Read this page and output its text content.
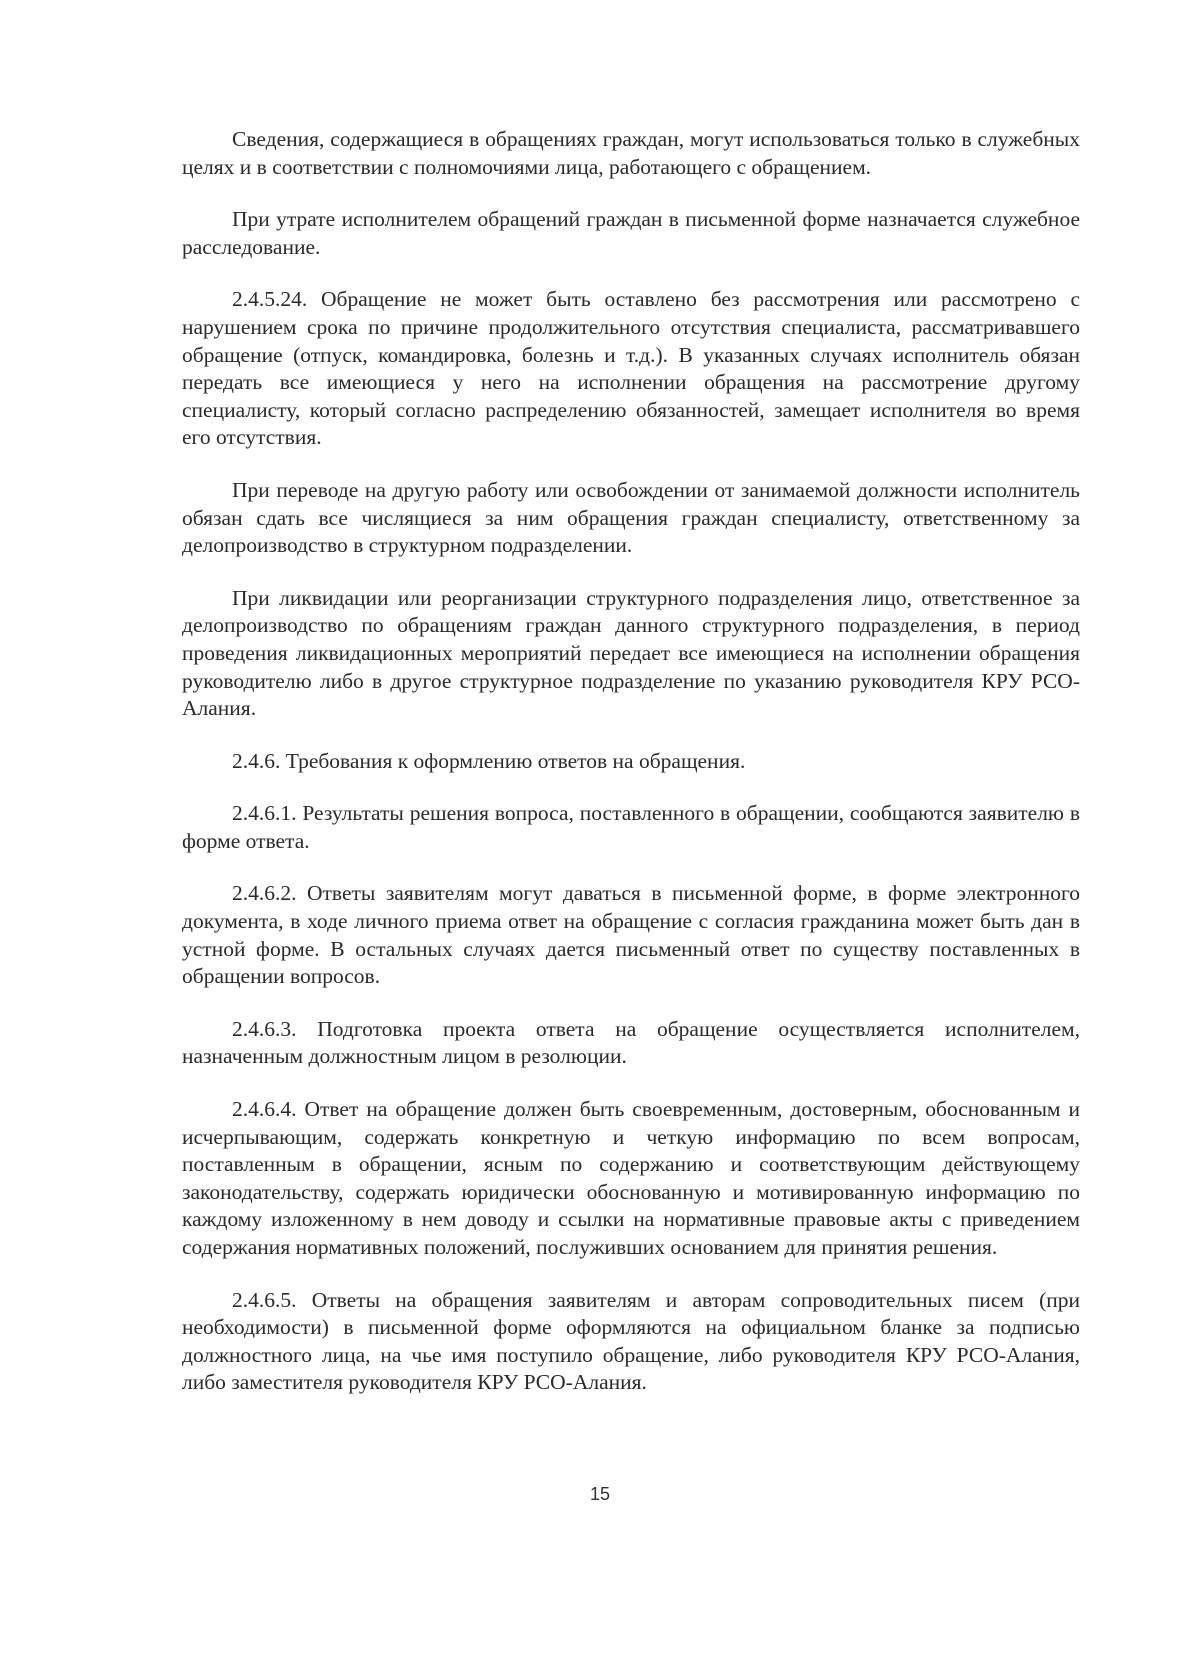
Сведения, содержащиеся в обращениях граждан, могут использоваться только в служебных целях и в соответствии с полномочиями лица, работающего с обращением.

При утрате исполнителем обращений граждан в письменной форме назначается служебное расследование.

2.4.5.24. Обращение не может быть оставлено без рассмотрения или рассмотрено с нарушением срока по причине продолжительного отсутствия специалиста, рассматривавшего обращение (отпуск, командировка, болезнь и т.д.). В указанных случаях исполнитель обязан передать все имеющиеся у него на исполнении обращения на рассмотрение другому специалисту, который согласно распределению обязанностей, замещает исполнителя во время его отсутствия.

При переводе на другую работу или освобождении от занимаемой должности исполнитель обязан сдать все числящиеся за ним обращения граждан специалисту, ответственному за делопроизводство в структурном подразделении.

При ликвидации или реорганизации структурного подразделения лицо, ответственное за делопроизводство по обращениям граждан данного структурного подразделения, в период проведения ликвидационных мероприятий передает все имеющиеся на исполнении обращения руководителю либо в другое структурное подразделение по указанию руководителя КРУ РСО-Алания.

2.4.6. Требования к оформлению ответов на обращения.

2.4.6.1. Результаты решения вопроса, поставленного в обращении, сообщаются заявителю в форме ответа.

2.4.6.2. Ответы заявителям могут даваться в письменной форме, в форме электронного документа, в ходе личного приема ответ на обращение с согласия гражданина может быть дан в устной форме. В остальных случаях дается письменный ответ по существу поставленных в обращении вопросов.

2.4.6.3. Подготовка проекта ответа на обращение осуществляется исполнителем, назначенным должностным лицом в резолюции.

2.4.6.4. Ответ на обращение должен быть своевременным, достоверным, обоснованным и исчерпывающим, содержать конкретную и четкую информацию по всем вопросам, поставленным в обращении, ясным по содержанию и соответствующим действующему законодательству, содержать юридически обоснованную и мотивированную информацию по каждому изложенному в нем доводу и ссылки на нормативные правовые акты с приведением содержания нормативных положений, послуживших основанием для принятия решения.

2.4.6.5. Ответы на обращения заявителям и авторам сопроводительных писем (при необходимости) в письменной форме оформляются на официальном бланке за подписью должностного лица, на чье имя поступило обращение, либо руководителя КРУ РСО-Алания, либо заместителя руководителя КРУ РСО-Алания.

15
